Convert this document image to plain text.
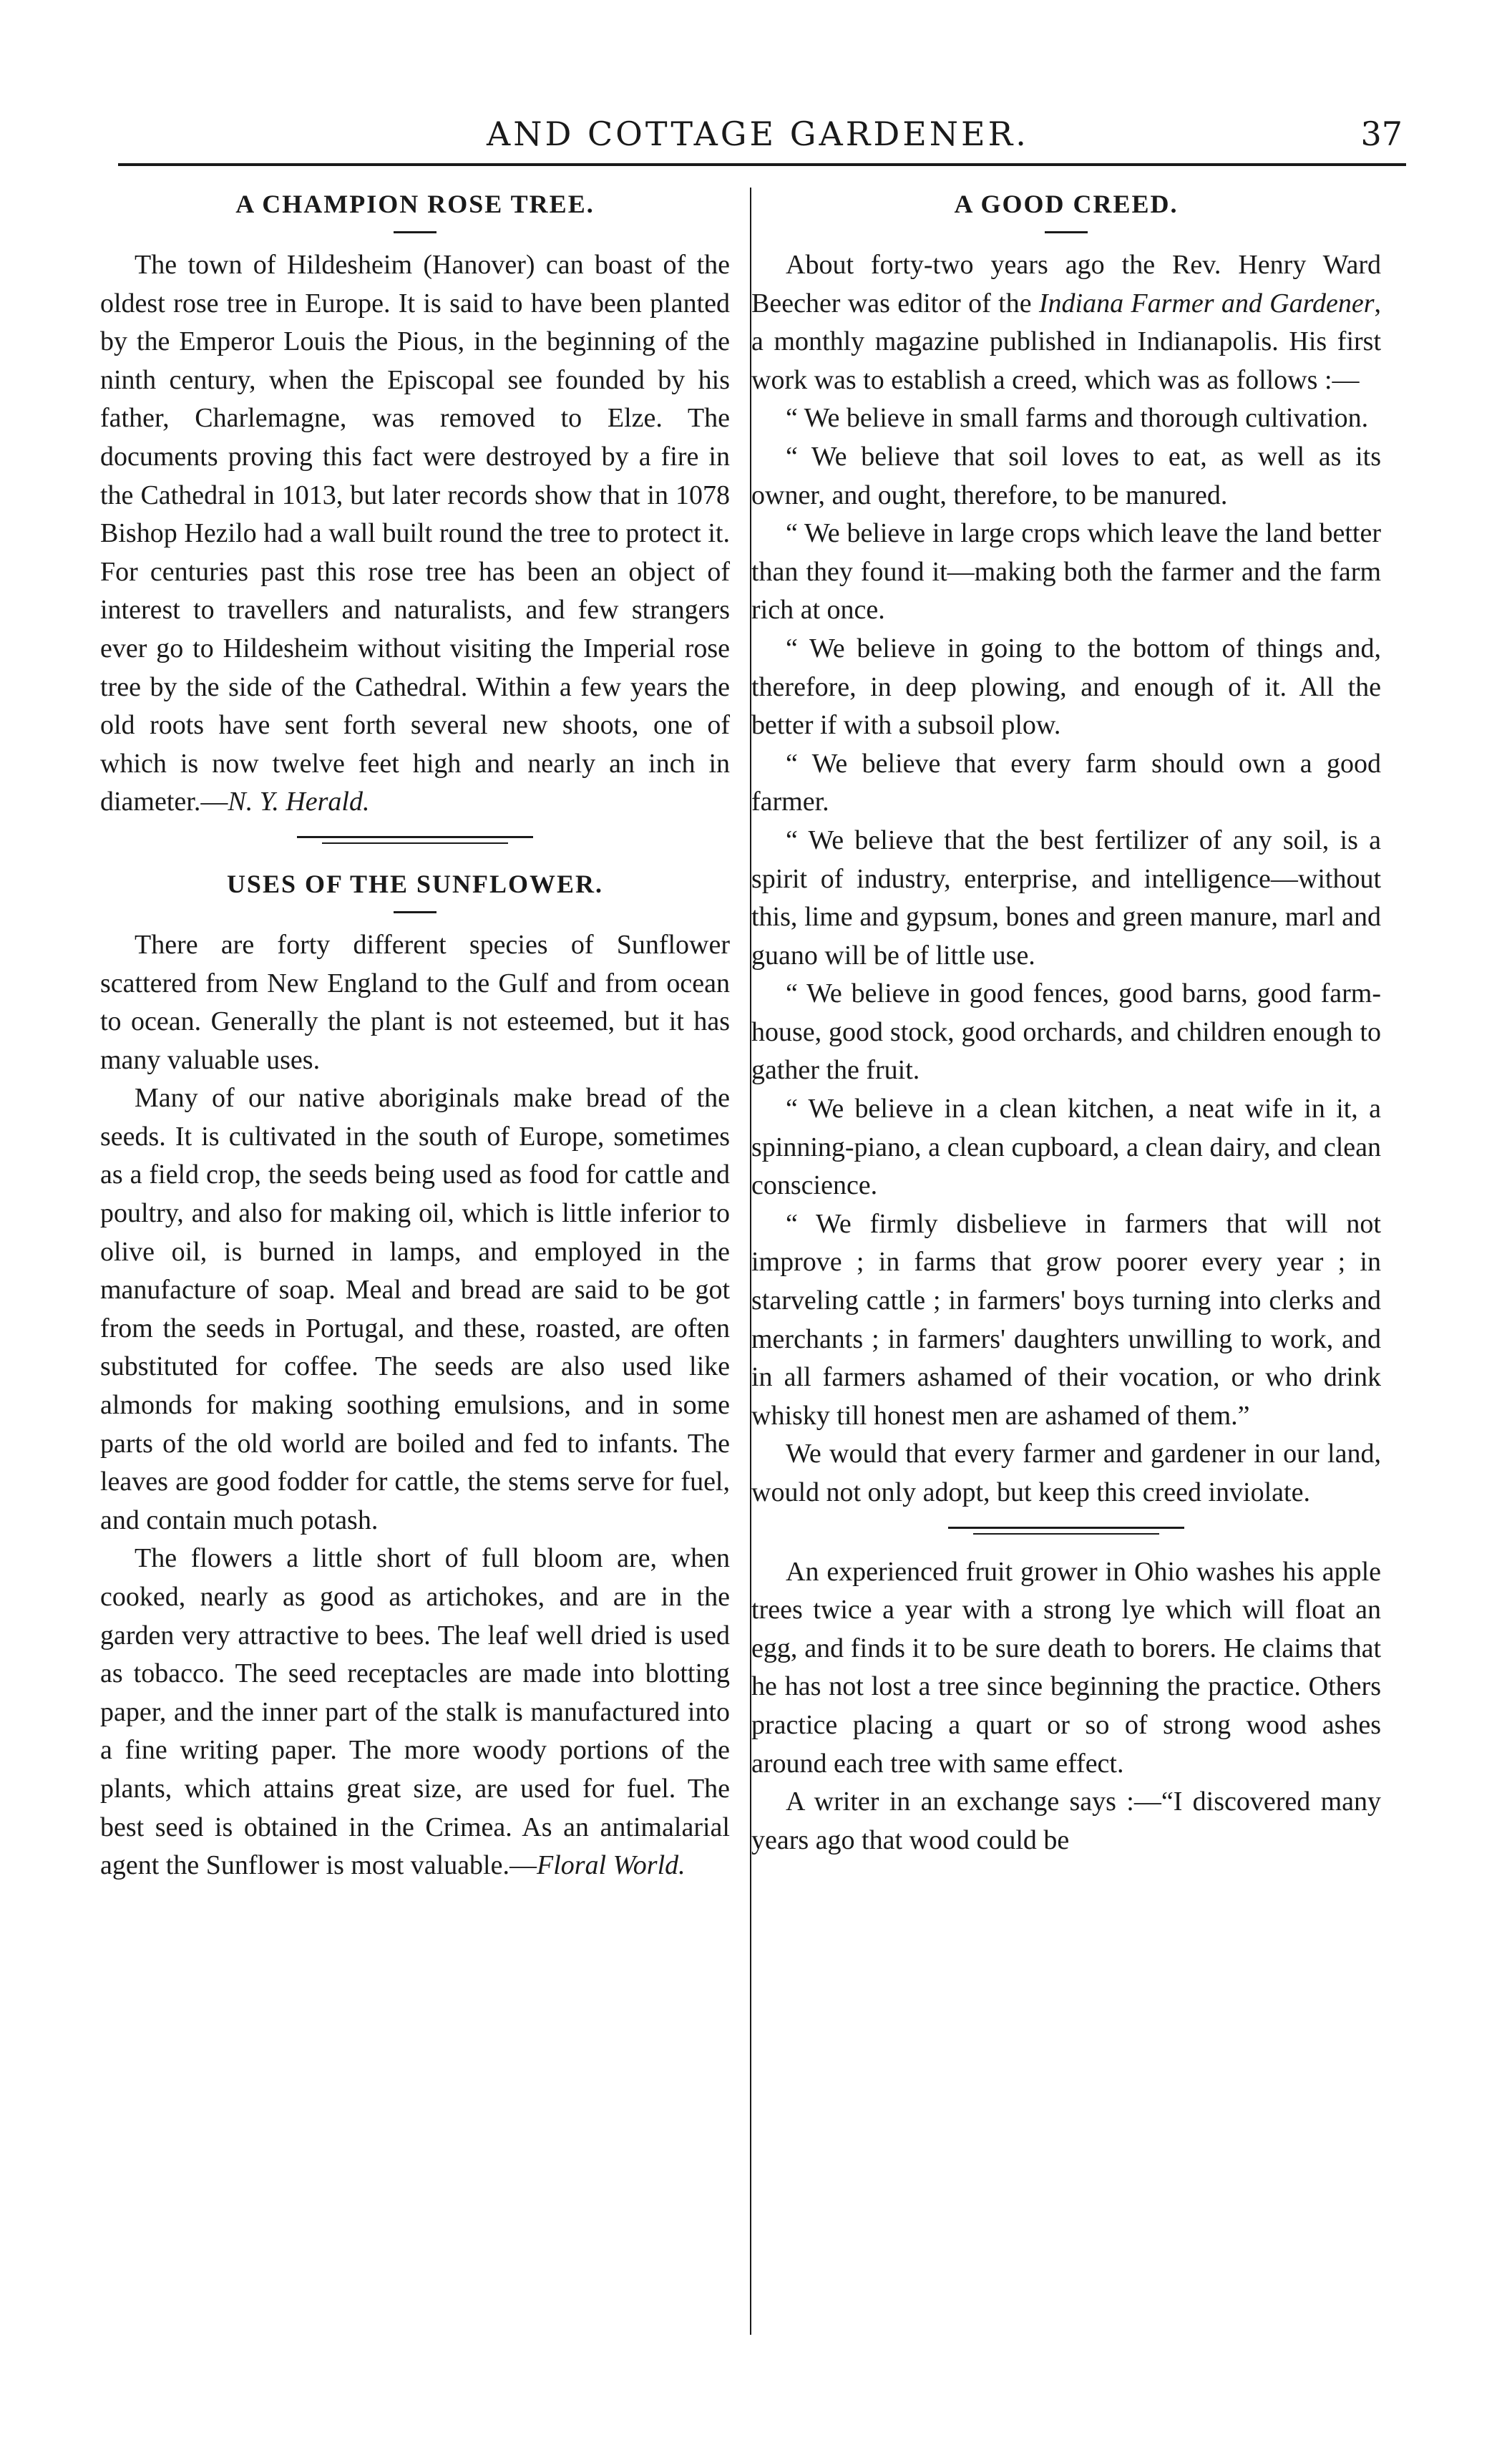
AND COTTAGE GARDENER.	37
A CHAMPION ROSE TREE.

The town of Hildesheim (Hanover) can boast of the oldest rose tree in Europe. It is said to have been planted by the Emperor Louis the Pious, in the beginning of the ninth century, when the Episcopal see founded by his father, Charlemagne, was removed to Elze. The documents proving this fact were destroyed by a fire in the Cathedral in 1013, but later records show that in 1078 Bishop Hezilo had a wall built round the tree to protect it. For centuries past this rose tree has been an object of interest to travellers and naturalists, and few strangers ever go to Hildesheim without visiting the Imperial rose tree by the side of the Cathedral. Within a few years the old roots have sent forth several new shoots, one of which is now twelve feet high and nearly an inch in diameter.—N. Y. Herald.

USES OF THE SUNFLOWER.

There are forty different species of Sunflower scattered from New England to the Gulf and from ocean to ocean. Generally the plant is not esteemed, but it has many valuable uses.

Many of our native aboriginals make bread of the seeds. It is cultivated in the south of Europe, sometimes as a field crop, the seeds being used as food for cattle and poultry, and also for making oil, which is little inferior to olive oil, is burned in lamps, and employed in the manufacture of soap. Meal and bread are said to be got from the seeds in Portugal, and these, roasted, are often substituted for coffee. The seeds are also used like almonds for making soothing emulsions, and in some parts of the old world are boiled and fed to infants. The leaves are good fodder for cattle, the stems serve for fuel, and contain much potash.

The flowers a little short of full bloom are, when cooked, nearly as good as artichokes, and are in the garden very attractive to bees. The leaf well dried is used as tobacco. The seed receptacles are made into blotting paper, and the inner part of the stalk is manufactured into a fine writing paper. The more woody portions of the plants, which attains great size, are used for fuel. The best seed is obtained in the Crimea. As an antimalarial agent the Sunflower is most valuable.—Floral World.

A GOOD CREED.

About forty-two years ago the Rev. Henry Ward Beecher was editor of the Indiana Farmer and Gardener, a monthly magazine published in Indianapolis. His first work was to establish a creed, which was as follows :—

“ We believe in small farms and thorough cultivation.

“ We believe that soil loves to eat, as well as its owner, and ought, therefore, to be manured.

“ We believe in large crops which leave the land better than they found it—making both the farmer and the farm rich at once.

“ We believe in going to the bottom of things and, therefore, in deep plowing, and enough of it. All the better if with a subsoil plow.

“ We believe that every farm should own a good farmer.

“ We believe that the best fertilizer of any soil, is a spirit of industry, enterprise, and intelligence—without this, lime and gypsum, bones and green manure, marl and guano will be of little use.

“ We believe in good fences, good barns, good farm-house, good stock, good orchards, and children enough to gather the fruit.

“ We believe in a clean kitchen, a neat wife in it, a spinning-piano, a clean cupboard, a clean dairy, and clean conscience.

“ We firmly disbelieve in farmers that will not improve ; in farms that grow poorer every year ; in starveling cattle ; in farmers' boys turning into clerks and merchants ; in farmers' daughters unwilling to work, and in all farmers ashamed of their vocation, or who drink whisky till honest men are ashamed of them.”

We would that every farmer and gardener in our land, would not only adopt, but keep this creed inviolate.

An experienced fruit grower in Ohio washes his apple trees twice a year with a strong lye which will float an egg, and finds it to be sure death to borers. He claims that he has not lost a tree since beginning the practice. Others practice placing a quart or so of strong wood ashes around each tree with same effect.

A writer in an exchange says :—“I discovered many years ago that wood could be
